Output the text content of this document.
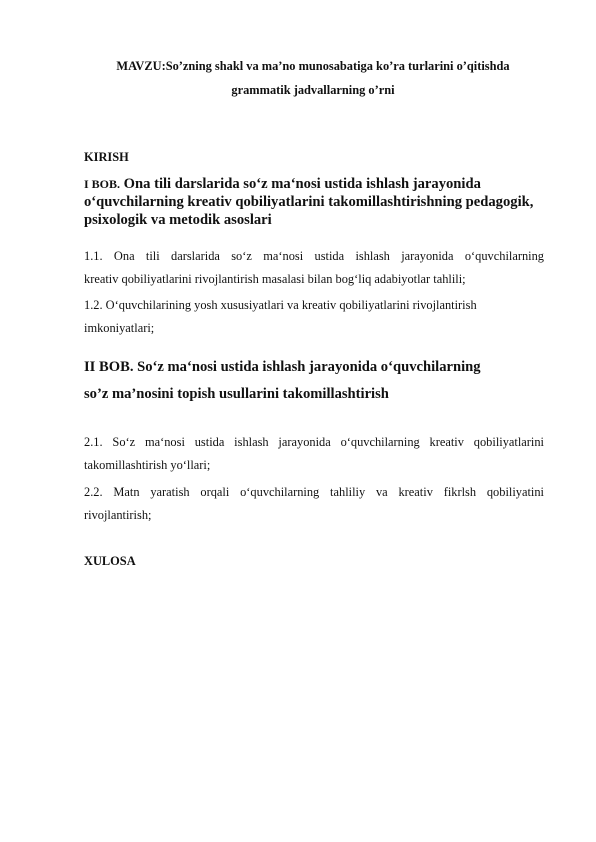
MAVZU:So’zning shakl va ma’no munosabatiga ko’ra turlarini o’qitishda
grammatik jadvallarning o’rni
KIRISH
I BOB. Ona tili darslarida so‘z ma‘nosi ustida ishlash jarayonida o‘quvchilarning kreativ qobiliyatlarini takomillashtirishning pedagogik, psixologik va metodik asoslari
1.1. Ona tili darslarida so‘z ma‘nosi ustida ishlash jarayonida o‘quvchilarning
kreativ qobiliyatlarini rivojlantirish masalasi bilan bog‘liq adabiyotlar tahlili;
1.2. O‘quvchilarining yosh xususiyatlari va kreativ qobiliyatlarini rivojlantirish
imkoniyatlari;
II BOB. So‘z ma‘nosi ustida ishlash jarayonida o‘quvchilarning
so’z ma’nosini topish usullarini takomillashtirish
2.1. So‘z ma‘nosi ustida ishlash jarayonida o‘quvchilarning kreativ qobiliyatlarini
takomillashtirish yo‘llari;
2.2. Matn yaratish orqali o‘quvchilarning tahliliy va kreativ fikrlsh qobiliyatini
rivojlantirish;
XULOSA
